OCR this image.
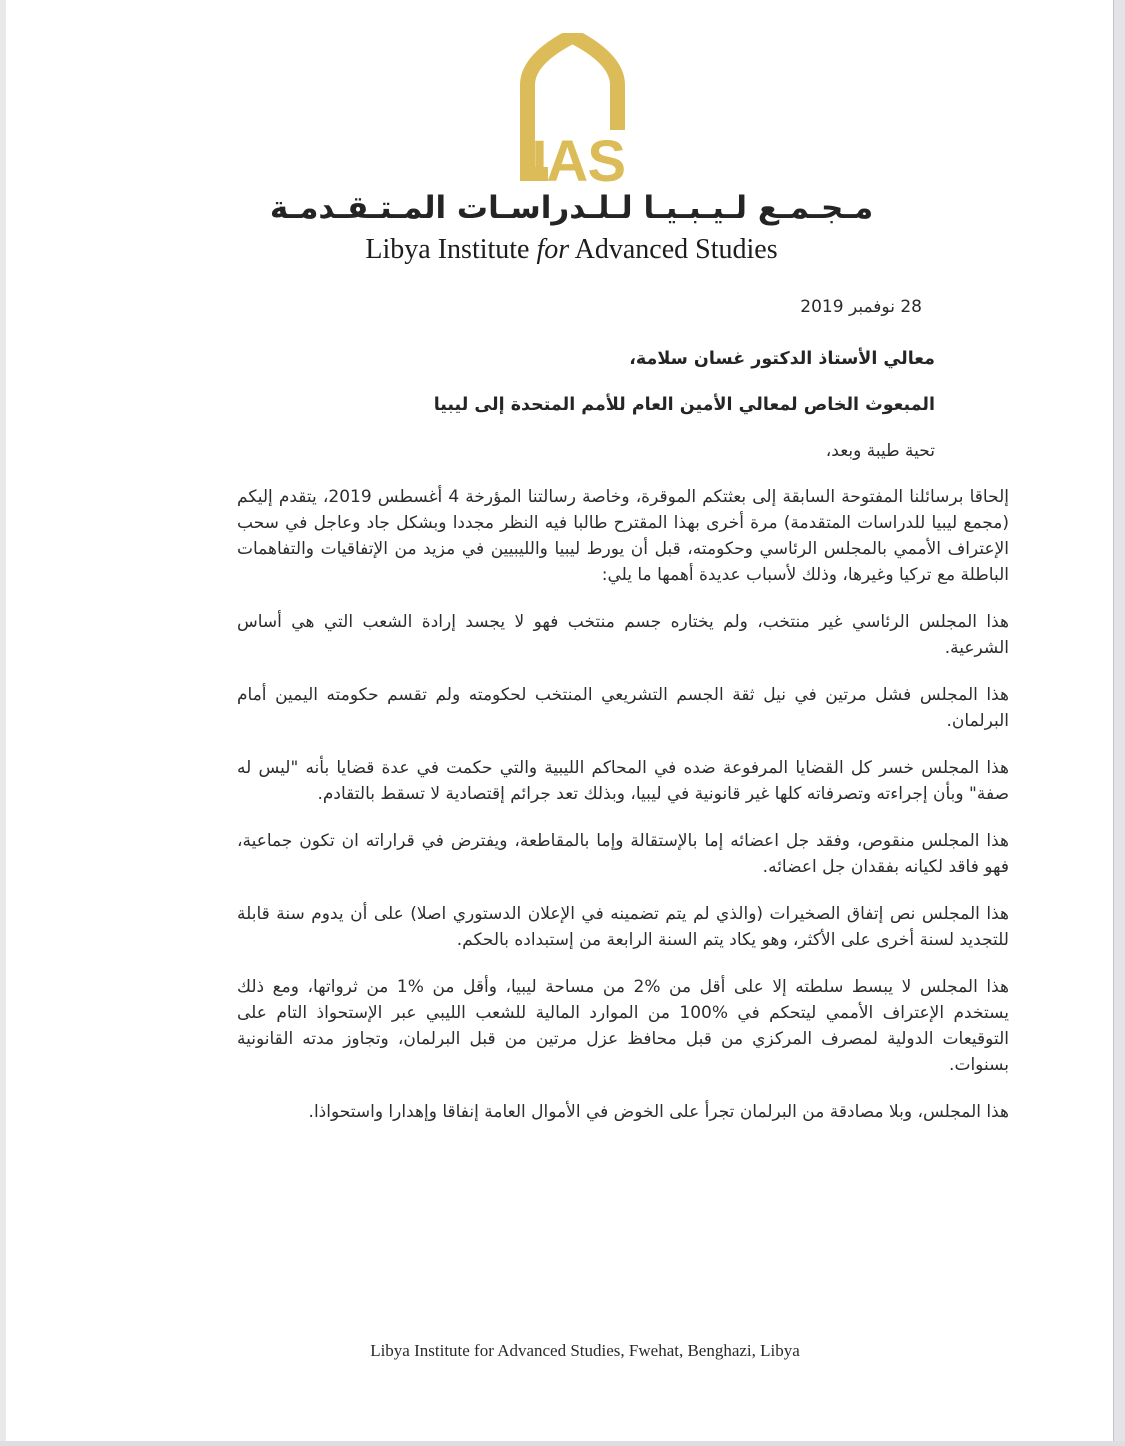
IAS
مـجـمـع لـيـبـيـا لـلـدراسـات المـتـقـدمـة
Libya Institute for Advanced Studies
28 نوفمبر 2019
معالي الأستاذ الدكتور غسان سلامة،
المبعوث الخاص لمعالي الأمين العام للأمم المتحدة إلى ليبيا
تحية طيبة وبعد،

إلحاقا برسائلنا المفتوحة السابقة إلى بعثتكم الموقرة، وخاصة رسالتنا المؤرخة 4 أغسطس 2019، يتقدم إليكم (مجمع ليبيا للدراسات المتقدمة) مرة أخرى بهذا المقترح طالبا فيه النظر مجددا وبشكل جاد وعاجل في سحب الإعتراف الأممي بالمجلس الرئاسي وحكومته، قبل أن يورط ليبيا والليبيين في مزيد من الإتفاقيات والتفاهمات الباطلة مع تركيا وغيرها، وذلك لأسباب عديدة أهمها ما يلي:

هذا المجلس الرئاسي غير منتخب، ولم يختاره جسم منتخب فهو لا يجسد إرادة الشعب التي هي أساس الشرعية.

هذا المجلس فشل مرتين في نيل ثقة الجسم التشريعي المنتخب لحكومته ولم تقسم حكومته اليمين أمام البرلمان.

هذا المجلس خسر كل القضايا المرفوعة ضده في المحاكم الليبية والتي حكمت في عدة قضايا بأنه "ليس له صفة" وبأن إجراءته وتصرفاته كلها غير قانونية في ليبيا، وبذلك تعد جرائم إقتصادية لا تسقط بالتقادم.

هذا المجلس منقوص، وفقد جل اعضائه إما بالإستقالة وإما بالمقاطعة، ويفترض في قراراته ان تكون جماعية، فهو فاقد لكيانه بفقدان جل اعضائه.

هذا المجلس نص إتفاق الصخيرات (والذي لم يتم تضمينه في الإعلان الدستوري اصلا) على أن يدوم سنة قابلة للتجديد لسنة أخرى على الأكثر، وهو يكاد يتم السنة الرابعة من إستبداده بالحكم.

هذا المجلس لا يبسط سلطته إلا على أقل من %2 من مساحة ليبيا، وأقل من %1 من ثرواتها، ومع ذلك يستخدم الإعتراف الأممي ليتحكم في %100 من الموارد المالية للشعب الليبي عبر الإستحواذ التام على التوقيعات الدولية لمصرف المركزي من قبل محافظ عزل مرتين من قبل البرلمان، وتجاوز مدته القانونية بسنوات.

هذا المجلس، وبلا مصادقة من البرلمان تجرأ على الخوض في الأموال العامة إنفاقا وإهدارا واستحواذا.

Libya Institute for Advanced Studies, Fwehat, Benghazi, Libya
